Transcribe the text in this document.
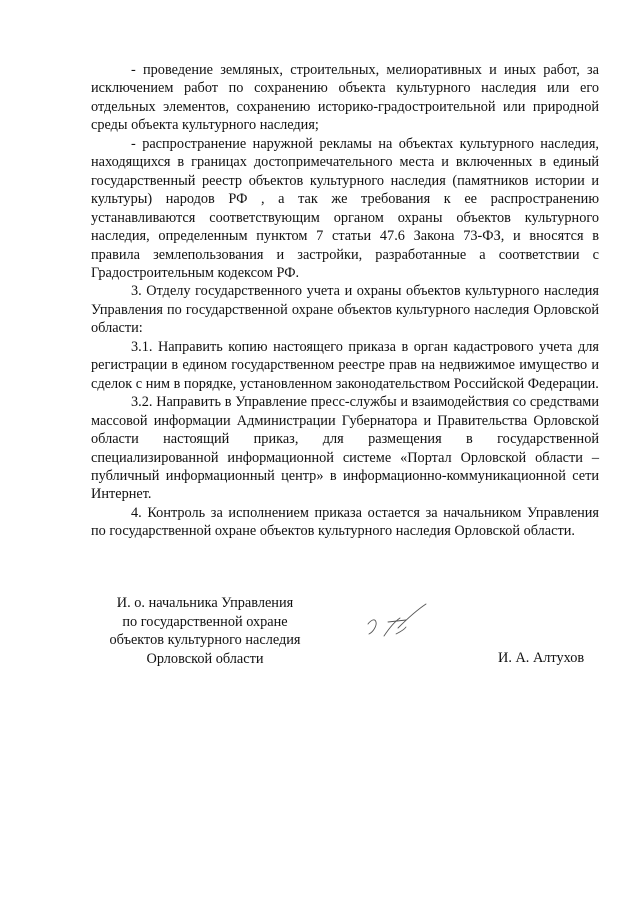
- проведение земляных, строительных, мелиоративных и иных работ, за исключением работ по сохранению объекта культурного наследия или его отдельных элементов, сохранению историко-градостроительной или природной среды объекта культурного наследия;

- распространение наружной рекламы на объектах культурного наследия, находящихся в границах достопримечательного места и включенных в единый государственный реестр объектов культурного наследия (памятников истории и культуры) народов РФ , а так же требования к ее распространению устанавливаются соответствующим органом охраны объектов культурного наследия, определенным пунктом 7 статьи 47.6 Закона 73-ФЗ, и вносятся в правила землепользования и застройки, разработанные а соответствии с Градостроительным кодексом РФ.

3. Отделу государственного учета и охраны объектов культурного наследия Управления по государственной охране объектов культурного наследия Орловской области:

3.1. Направить копию настоящего приказа в орган кадастрового учета для регистрации в едином государственном реестре прав на недвижимое имущество и сделок с ним в порядке, установленном законодательством Российской Федерации.

3.2. Направить в Управление пресс-службы и взаимодействия со средствами массовой информации Администрации Губернатора и Правительства Орловской области настоящий приказ, для размещения в государственной специализированной информационной системе «Портал Орловской области – публичный информационный центр» в информационно-коммуникационной сети Интернет.

4. Контроль за исполнением приказа остается за начальником Управления по государственной охране объектов культурного наследия Орловской области.

И. о. начальника Управления
по государственной охране
объектов культурного наследия
Орловской области	И. А. Алтухов
